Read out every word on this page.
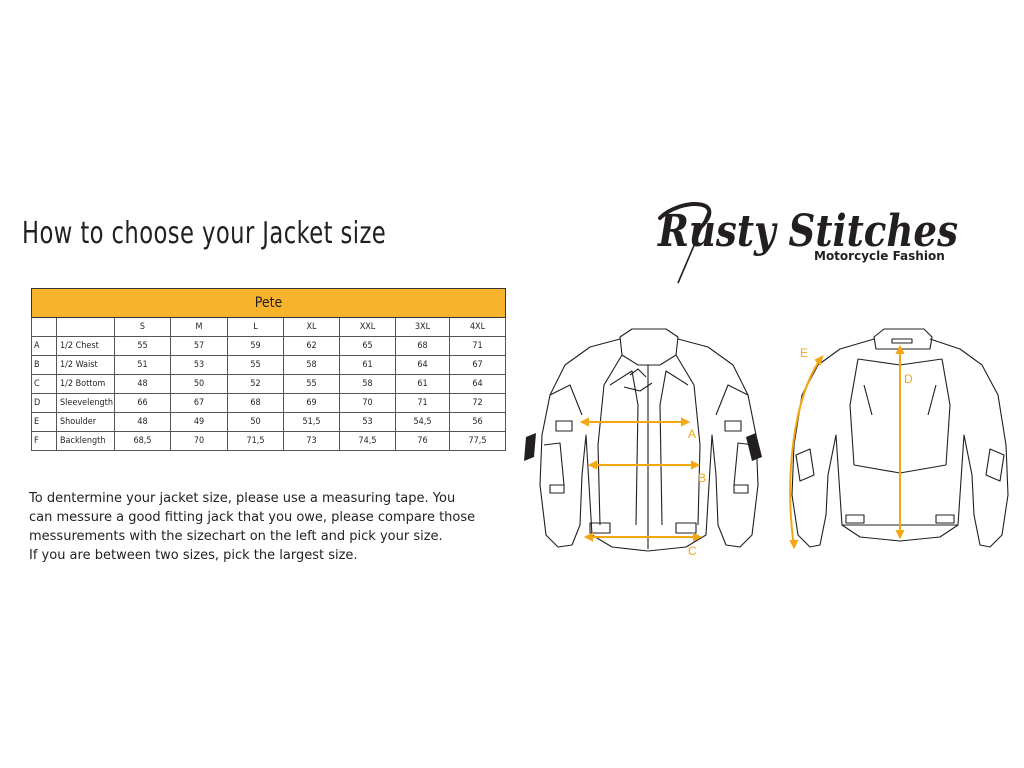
How to choose your Jacket size	Rusty Stitches
Motorcycle Fashion
Pete								
		S	M	L	XL	XXL	3XL	4XL
A	1/2 Chest	55	57	59	62	65	68	71
B	1/2 Waist	51	53	55	58	61	64	67
C	1/2 Bottom	48	50	52	55	58	61	64
D	Sleevelength	66	67	68	69	70	71	72
E	Shoulder	48	49	50	51,5	53	54,5	56
F	Backlength	68,5	70	71,5	73	74,5	76	77,5

To dentermine your jacket size, please use a measuring tape. You

can messure a good fitting jack that you owe, please compare those

messurements with the sizechart on the left and pick your size.

If you are between two sizes, pick the largest size.

A
B
C
D
E
